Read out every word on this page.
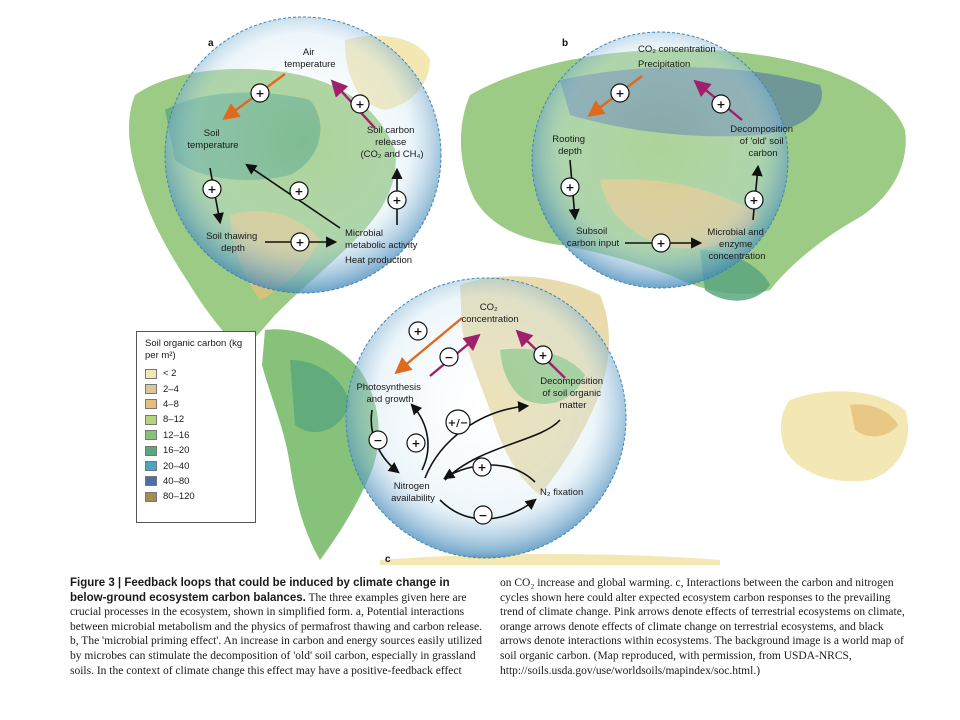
a	b
c
+
+
+	+
+
+
Air temperature
Soil temperature
Soil carbon release (CO₂ and CH₄)
Soil thawing depth
Microbial metabolic activity Heat production
+
+
+
+
+
CO₂ concentration Precipitation
Rooting depth
Decomposition of 'old' soil carbon
Subsoil carbon input
Microbial and enzyme concentration
+
−	+
−	+
+/−
+
−
CO₂ concentration
Photosynthesis and growth
Decomposition of soil organic matter
Nitrogen availability
N₂ fixation
Soil organic carbon (kg per m²)
< 2
2–4
4–8
8–12
12–16
16–20
20–40
40–80
80–120
Figure 3 | Feedback loops that could be induced by climate change in below-ground ecosystem carbon balances. The three examples given here are crucial processes in the ecosystem, shown in simplified form. a, Potential interactions between microbial metabolism and the physics of permafrost thawing and carbon release. b, The 'microbial priming effect'. An increase in carbon and energy sources easily utilized by microbes can stimulate the decomposition of 'old' soil carbon, especially in grassland soils. In the context of climate change this effect may have a positive-feedback effect
on CO₂ increase and global warming. c, Interactions between the carbon and nitrogen cycles shown here could alter expected ecosystem carbon responses to the prevailing trend of climate change. Pink arrows denote effects of terrestrial ecosystems on climate, orange arrows denote effects of climate change on terrestrial ecosystems, and black arrows denote interactions within ecosystems. The background image is a world map of soil organic carbon. (Map reproduced, with permission, from USDA-NRCS, http://soils.usda.gov/use/worldsoils/mapindex/soc.html.)
